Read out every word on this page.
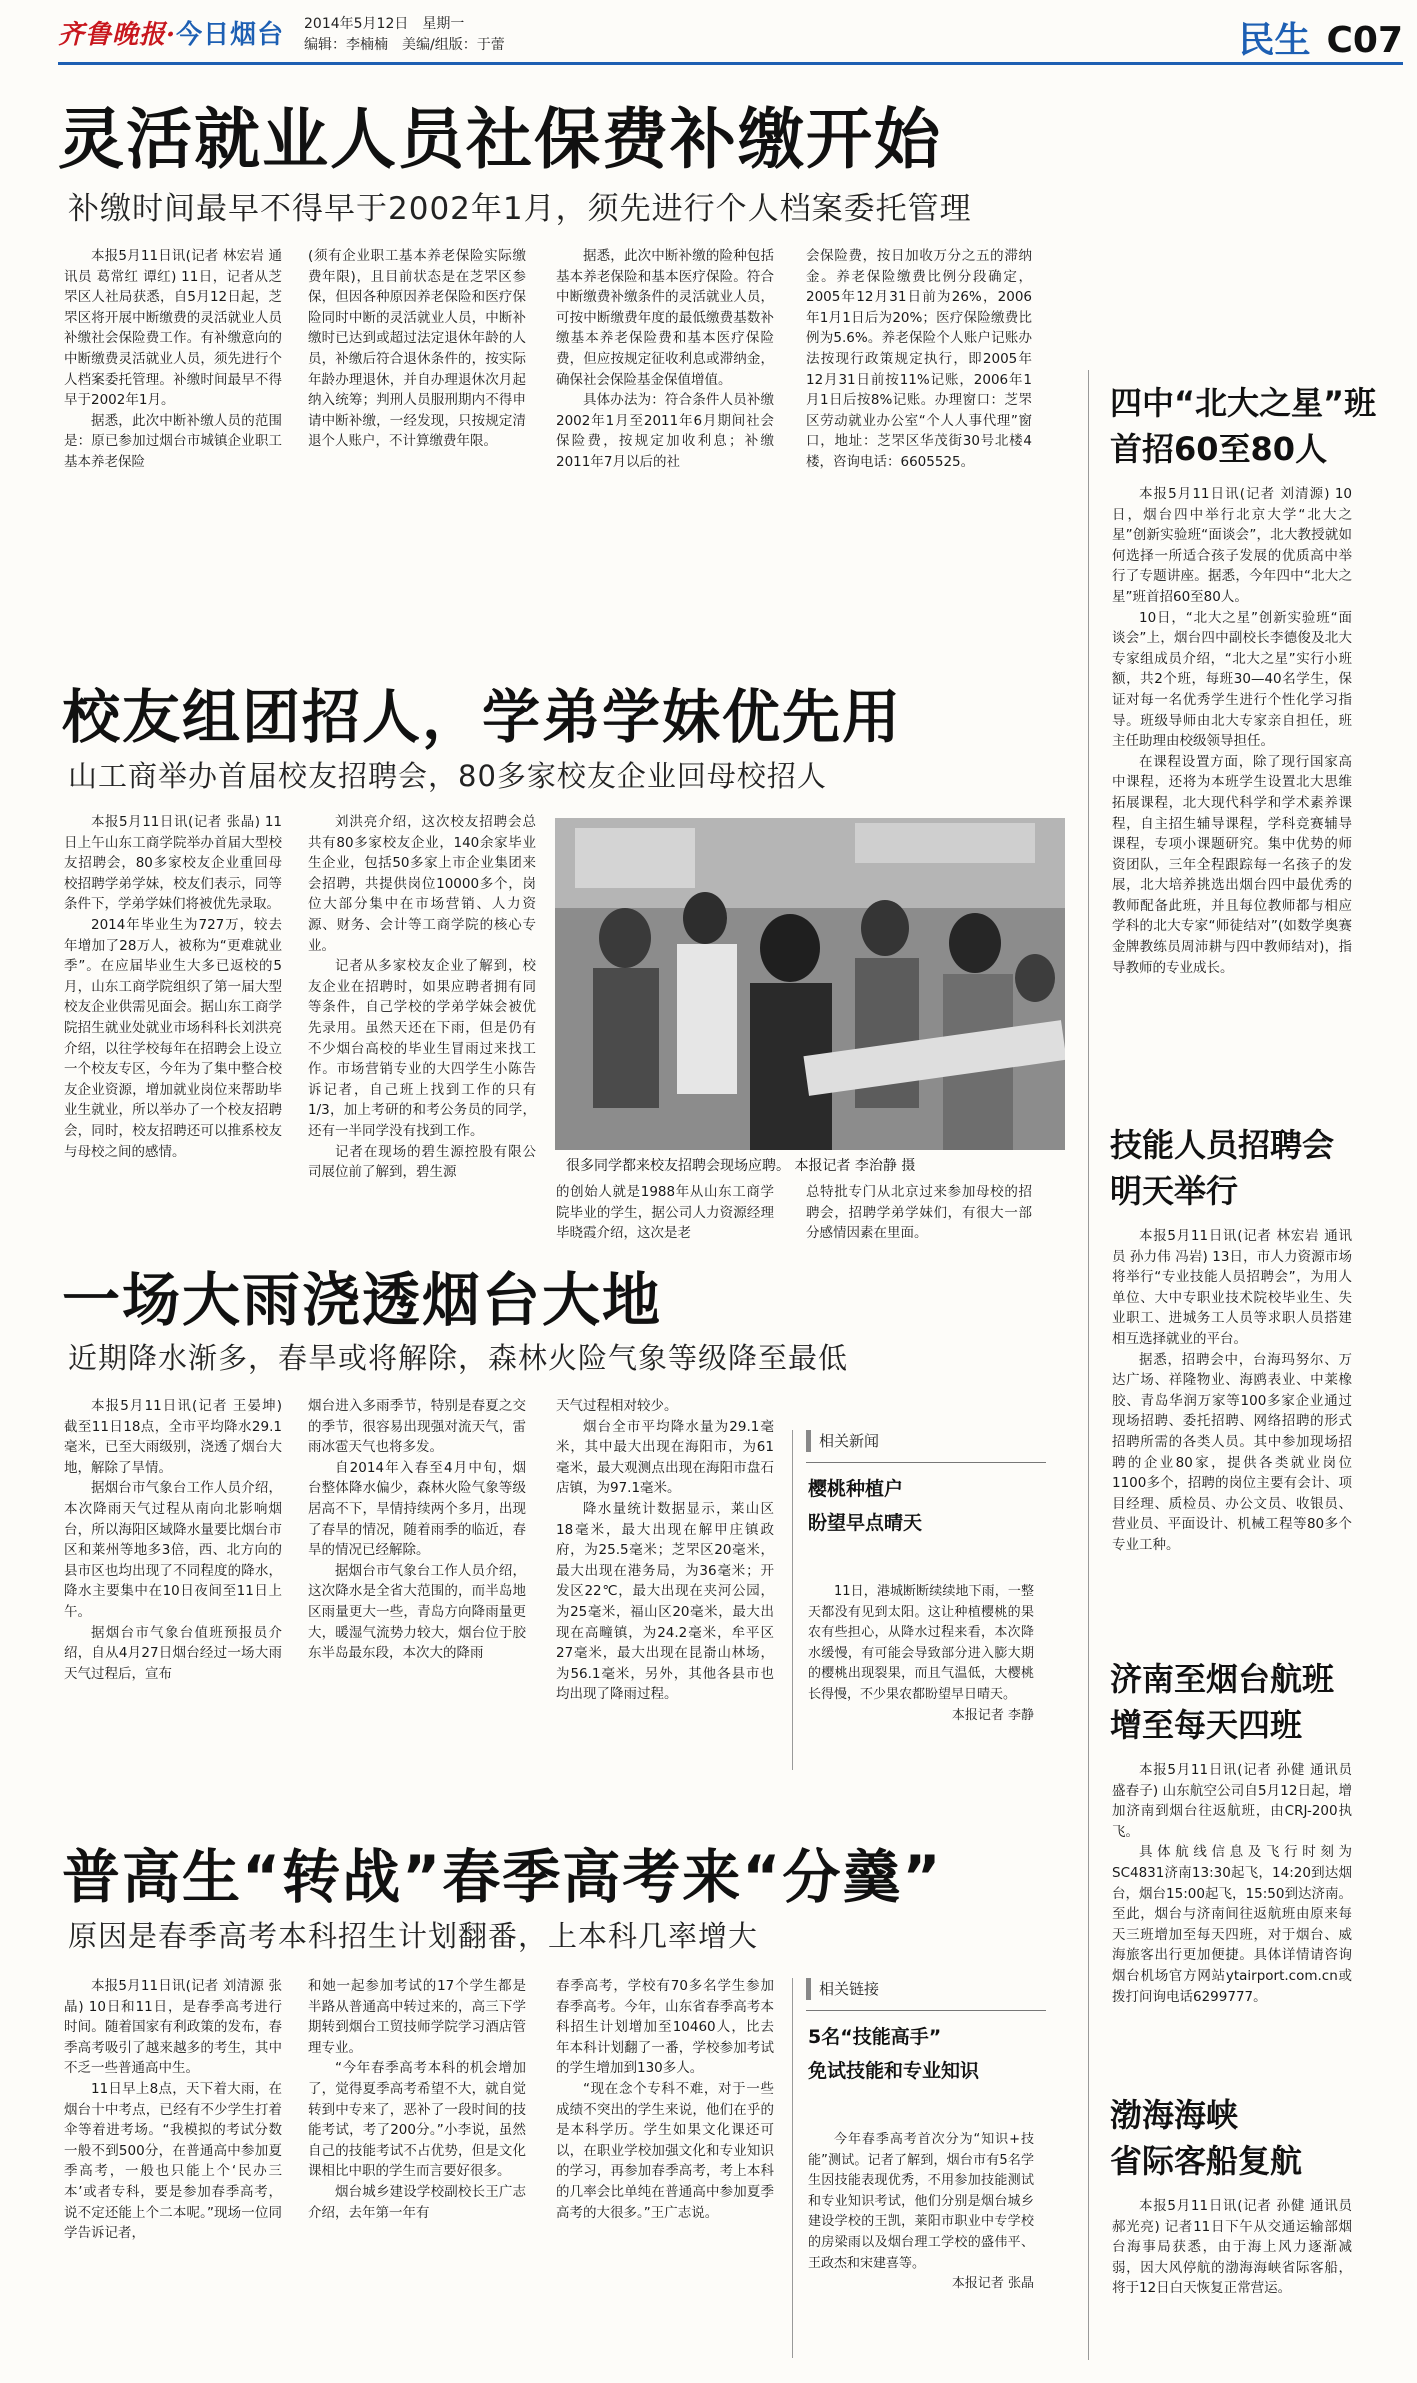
齐鲁晚报·今日烟台 2014年5月12日 星期一
编辑：李楠楠 美编/组版：于蕾	民生 C07
灵活就业人员社保费补缴开始
补缴时间最早不得早于2002年1月，须先进行个人档案委托管理

本报5月11日讯(记者 林宏岩 通讯员 葛常红 谭红) 11日，记者从芝罘区人社局获悉，自5月12日起，芝罘区将开展中断缴费的灵活就业人员补缴社会保险费工作。有补缴意向的中断缴费灵活就业人员，须先进行个人档案委托管理。补缴时间最早不得早于2002年1月。

据悉，此次中断补缴人员的范围是：原已参加过烟台市城镇企业职工基本养老保险

(须有企业职工基本养老保险实际缴费年限)，且目前状态是在芝罘区参保，但因各种原因养老保险和医疗保险同时中断的灵活就业人员，中断补缴时已达到或超过法定退休年龄的人员，补缴后符合退休条件的，按实际年龄办理退休，并自办理退休次月起纳入统筹；判刑人员服刑期内不得申请中断补缴，一经发现，只按规定清退个人账户，不计算缴费年限。

据悉，此次中断补缴的险种包括基本养老保险和基本医疗保险。符合中断缴费补缴条件的灵活就业人员，可按中断缴费年度的最低缴费基数补缴基本养老保险费和基本医疗保险费，但应按规定征收利息或滞纳金，确保社会保险基金保值增值。

具体办法为：符合条件人员补缴2002年1月至2011年6月期间社会保险费，按规定加收利息；补缴2011年7月以后的社

会保险费，按日加收万分之五的滞纳金。养老保险缴费比例分段确定，2005年12月31日前为26%，2006年1月1日后为20%；医疗保险缴费比例为5.6%。养老保险个人账户记账办法按现行政策规定执行，即2005年12月31日前按11%记账，2006年1月1日后按8%记账。办理窗口：芝罘区劳动就业办公室“个人人事代理”窗口，地址：芝罘区华茂街30号北楼4楼，咨询电话：6605525。

校友组团招人，学弟学妹优先用
山工商举办首届校友招聘会，80多家校友企业回母校招人

本报5月11日讯(记者 张晶) 11日上午山东工商学院举办首届大型校友招聘会，80多家校友企业重回母校招聘学弟学妹，校友们表示，同等条件下，学弟学妹们将被优先录取。

2014年毕业生为727万，较去年增加了28万人，被称为“更难就业季”。在应届毕业生大多已返校的5月，山东工商学院组织了第一届大型校友企业供需见面会。据山东工商学院招生就业处就业市场科科长刘洪亮介绍，以往学校每年在招聘会上设立一个校友专区，今年为了集中整合校友企业资源，增加就业岗位来帮助毕业生就业，所以举办了一个校友招聘会，同时，校友招聘还可以推系校友与母校之间的感情。

刘洪亮介绍，这次校友招聘会总共有80多家校友企业，140余家毕业生企业，包括50多家上市企业集团来会招聘，共提供岗位10000多个，岗位大部分集中在市场营销、人力资源、财务、会计等工商学院的核心专业。

记者从多家校友企业了解到，校友企业在招聘时，如果应聘者拥有同等条件，自己学校的学弟学妹会被优先录用。虽然天还在下雨，但是仍有不少烟台高校的毕业生冒雨过来找工作。市场营销专业的大四学生小陈告诉记者，自己班上找到工作的只有1/3，加上考研的和考公务员的同学，还有一半同学没有找到工作。

记者在现场的碧生源控股有限公司展位前了解到，碧生源	很多同学都来校友招聘会现场应聘。 本报记者 李治静 摄

的创始人就是1988年从山东工商学院毕业的学生，据公司人力资源经理毕晓霞介绍，这次是老

总特批专门从北京过来参加母校的招聘会，招聘学弟学妹们，有很大一部分感情因素在里面。

一场大雨浇透烟台大地
近期降水渐多，春旱或将解除，森林火险气象等级降至最低

本报5月11日讯(记者 王晏坤) 截至11日18点，全市平均降水29.1毫米，已至大雨级别，浇透了烟台大地，解除了旱情。

据烟台市气象台工作人员介绍，本次降雨天气过程从南向北影响烟台，所以海阳区域降水量要比烟台市区和莱州等地多3倍，西、北方向的县市区也均出现了不同程度的降水，降水主要集中在10日夜间至11日上午。

据烟台市气象台值班预报员介绍，自从4月27日烟台经过一场大雨天气过程后，宣布

烟台进入多雨季节，特别是春夏之交的季节，很容易出现强对流天气，雷雨冰雹天气也将多发。

自2014年入春至4月中旬，烟台整体降水偏少，森林火险气象等级居高不下，旱情持续两个多月，出现了春旱的情况，随着雨季的临近，春旱的情况已经解除。

据烟台市气象台工作人员介绍，这次降水是全省大范围的，而半岛地区雨量更大一些，青岛方向降雨量更大，暖湿气流势力较大，烟台位于胶东半岛最东段，本次大的降雨

天气过程相对较少。

烟台全市平均降水量为29.1毫米，其中最大出现在海阳市，为61毫米，最大观测点出现在海阳市盘石店镇，为97.1毫米。

降水量统计数据显示，莱山区18毫米，最大出现在解甲庄镇政府，为25.5毫米；芝罘区20毫米，最大出现在港务局，为36毫米；开发区22℃，最大出现在夹河公园，为25毫米，福山区20毫米，最大出现在高疃镇，为24.2毫米，牟平区27毫米，最大出现在昆嵛山林场，为56.1毫米，另外，其他各县市也均出现了降雨过程。

相关新闻
樱桃种植户
盼望早点晴天

11日，港城断断续续地下雨，一整天都没有见到太阳。这让种植樱桃的果农有些担心，从降水过程来看，本次降水缓慢，有可能会导致部分进入膨大期的樱桃出现裂果，而且气温低，大樱桃长得慢，不少果农都盼望早日晴天。

本报记者 李静

普高生“转战”春季高考来“分羹”
原因是春季高考本科招生计划翻番，上本科几率增大

本报5月11日讯(记者 刘清源 张晶) 10日和11日，是春季高考进行时间。随着国家有利政策的发布，春季高考吸引了越来越多的考生，其中不乏一些普通高中生。

11日早上8点，天下着大雨，在烟台十中考点，已经有不少学生打着伞等着进考场。“我模拟的考试分数一般不到500分，在普通高中参加夏季高考，一般也只能上个‘民办三本’或者专科，要是参加春季高考，说不定还能上个二本呢。”现场一位同学告诉记者，

和她一起参加考试的17个学生都是半路从普通高中转过来的，高三下学期转到烟台工贸技师学院学习酒店管理专业。

“今年春季高考本科的机会增加了，觉得夏季高考希望不大，就自觉转到中专来了，恶补了一段时间的技能考试，考了200分。”小李说，虽然自己的技能考试不占优势，但是文化课相比中职的学生而言要好很多。

烟台城乡建设学校副校长王广志介绍，去年第一年有

春季高考，学校有70多名学生参加春季高考。今年，山东省春季高考本科招生计划增加至10460人，比去年本科计划翻了一番，学校参加考试的学生增加到130多人。

“现在念个专科不难，对于一些成绩不突出的学生来说，他们在乎的是本科学历。学生如果文化课还可以，在职业学校加强文化和专业知识的学习，再参加春季高考，考上本科的几率会比单纯在普通高中参加夏季高考的大很多。”王广志说。

相关链接
5名“技能高手”
免试技能和专业知识

今年春季高考首次分为“知识+技能”测试。记者了解到，烟台市有5名学生因技能表现优秀，不用参加技能测试和专业知识考试，他们分别是烟台城乡建设学校的王凯，莱阳市职业中专学校的房梁雨以及烟台理工学校的盛伟平、王政杰和宋建喜等。

本报记者 张晶

四中“北大之星”班
首招60至80人

本报5月11日讯(记者 刘清源) 10日，烟台四中举行北京大学“北大之星”创新实验班“面谈会”，北大教授就如何选择一所适合孩子发展的优质高中举行了专题讲座。据悉，今年四中“北大之星”班首招60至80人。

10日，“北大之星”创新实验班“面谈会”上，烟台四中副校长李德俊及北大专家组成员介绍，“北大之星”实行小班额，共2个班，每班30—40名学生，保证对每一名优秀学生进行个性化学习指导。班级导师由北大专家亲自担任，班主任助理由校级领导担任。

在课程设置方面，除了现行国家高中课程，还将为本班学生设置北大思维拓展课程，北大现代科学和学术素养课程，自主招生辅导课程，学科竞赛辅导课程，专项小课题研究。集中优势的师资团队，三年全程跟踪每一名孩子的发展，北大培养挑选出烟台四中最优秀的教师配备此班，并且每位教师都与相应学科的北大专家“师徒结对”(如数学奥赛金牌教练员周沛耕与四中教师结对)，指导教师的专业成长。

技能人员招聘会
明天举行

本报5月11日讯(记者 林宏岩 通讯员 孙力伟 冯岩) 13日，市人力资源市场将举行“专业技能人员招聘会”，为用人单位、大中专职业技术院校毕业生、失业职工、进城务工人员等求职人员搭建相互选择就业的平台。

据悉，招聘会中，台海玛努尔、万达广场、祥隆物业、海鸥表业、中莱橡胶、青岛华润万家等100多家企业通过现场招聘、委托招聘、网络招聘的形式招聘所需的各类人员。其中参加现场招聘的企业80家，提供各类就业岗位1100多个，招聘的岗位主要有会计、项目经理、质检员、办公文员、收银员、营业员、平面设计、机械工程等80多个专业工种。

济南至烟台航班
增至每天四班

本报5月11日讯(记者 孙健 通讯员 盛春子) 山东航空公司自5月12日起，增加济南到烟台往返航班，由CRJ-200执飞。

具体航线信息及飞行时刻为SC4831济南13:30起飞，14:20到达烟台，烟台15:00起飞，15:50到达济南。至此，烟台与济南间往返航班由原来每天三班增加至每天四班，对于烟台、威海旅客出行更加便捷。具体详情请咨询烟台机场官方网站ytairport.com.cn或拨打问询电话6299777。

渤海海峡
省际客船复航

本报5月11日讯(记者 孙健 通讯员 郝光亮) 记者11日下午从交通运输部烟台海事局获悉，由于海上风力逐渐减弱，因大风停航的渤海海峡省际客船，将于12日白天恢复正常营运。
